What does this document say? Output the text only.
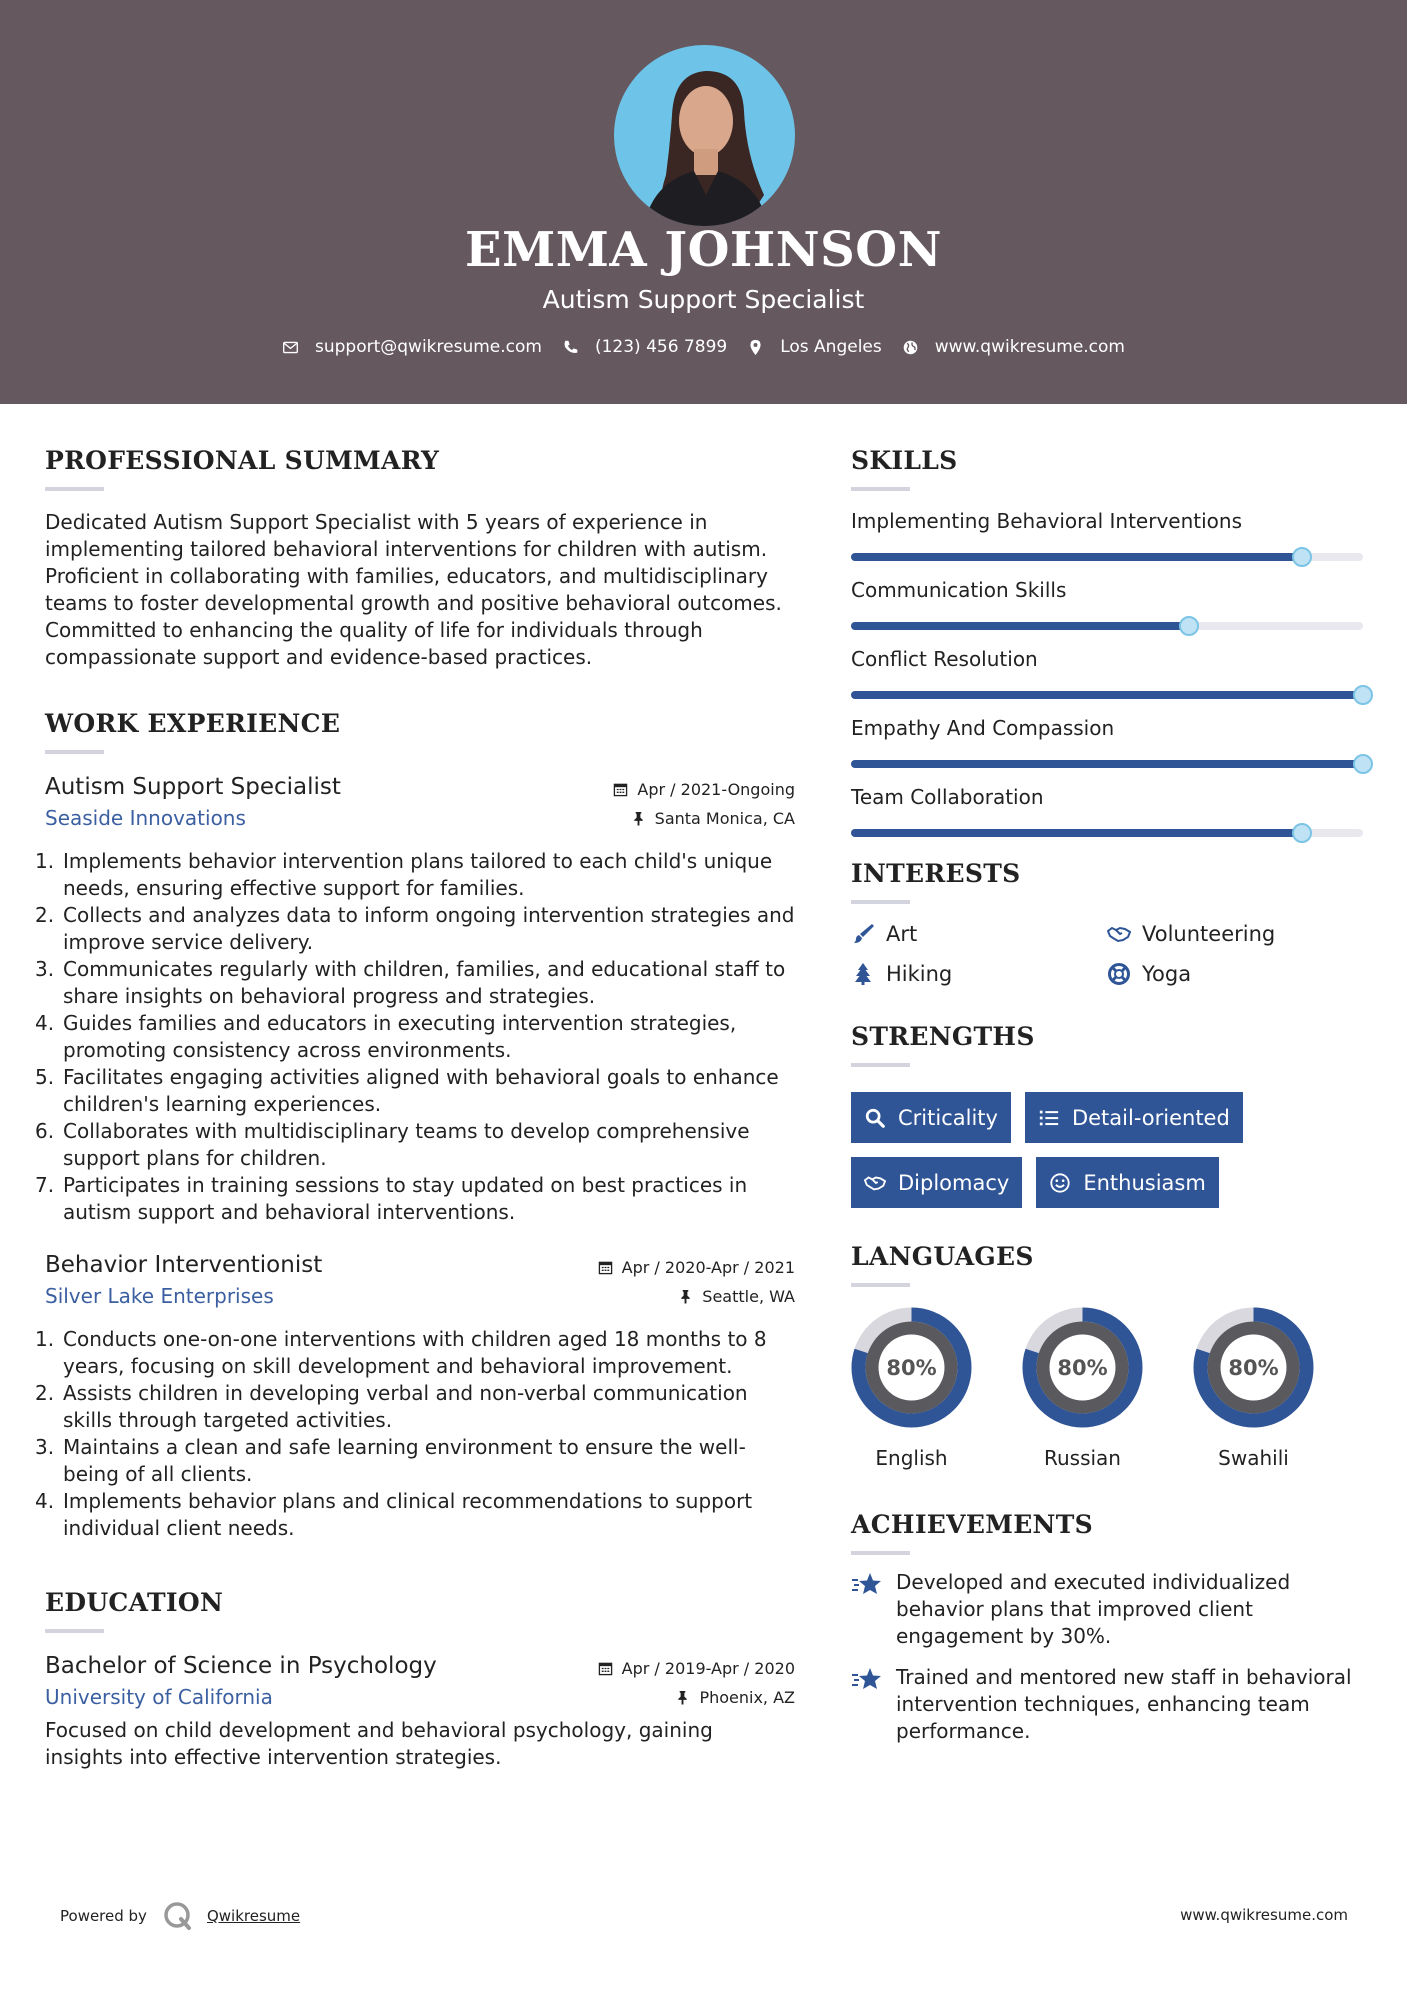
EMMA JOHNSON
Autism Support Specialist
support@qwikresume.com	(123) 456 7899	Los Angeles	www.qwikresume.com
PROFESSIONAL SUMMARY
Dedicated Autism Support Specialist with 5 years of experience in implementing tailored behavioral interventions for children with autism. Proficient in collaborating with families, educators, and multidisciplinary teams to foster developmental growth and positive behavioral outcomes. Committed to enhancing the quality of life for individuals through compassionate support and evidence-based practices.
WORK EXPERIENCE
Autism Support Specialist	Apr / 2021-Ongoing
Seaside Innovations	Santa Monica, CA
1. Implements behavior intervention plans tailored to each child's unique needs, ensuring effective support for families.
2. Collects and analyzes data to inform ongoing intervention strategies and improve service delivery.
3. Communicates regularly with children, families, and educational staff to share insights on behavioral progress and strategies.
4. Guides families and educators in executing intervention strategies, promoting consistency across environments.
5. Facilitates engaging activities aligned with behavioral goals to enhance children's learning experiences.
6. Collaborates with multidisciplinary teams to develop comprehensive support plans for children.
7. Participates in training sessions to stay updated on best practices in autism support and behavioral interventions.
Behavior Interventionist	Apr / 2020-Apr / 2021
Silver Lake Enterprises	Seattle, WA
1. Conducts one-on-one interventions with children aged 18 months to 8 years, focusing on skill development and behavioral improvement.
2. Assists children in developing verbal and non-verbal communication skills through targeted activities.
3. Maintains a clean and safe learning environment to ensure the well-being of all clients.
4. Implements behavior plans and clinical recommendations to support individual client needs.
EDUCATION
Bachelor of Science in Psychology	Apr / 2019-Apr / 2020
University of California	Phoenix, AZ
Focused on child development and behavioral psychology, gaining insights into effective intervention strategies.
SKILLS
Implementing Behavioral Interventions
Communication Skills
Conflict Resolution
Empathy And Compassion
Team Collaboration
INTERESTS
Art	Volunteering
Hiking	Yoga
STRENGTHS
Criticality	Detail-oriented
Diplomacy	Enthusiasm
LANGUAGES
80%
English
80%
Russian
80%
Swahili
ACHIEVEMENTS
Developed and executed individualized behavior plans that improved client engagement by 30%.
Trained and mentored new staff in behavioral intervention techniques, enhancing team performance.
Powered by	Qwikresume	www.qwikresume.com
